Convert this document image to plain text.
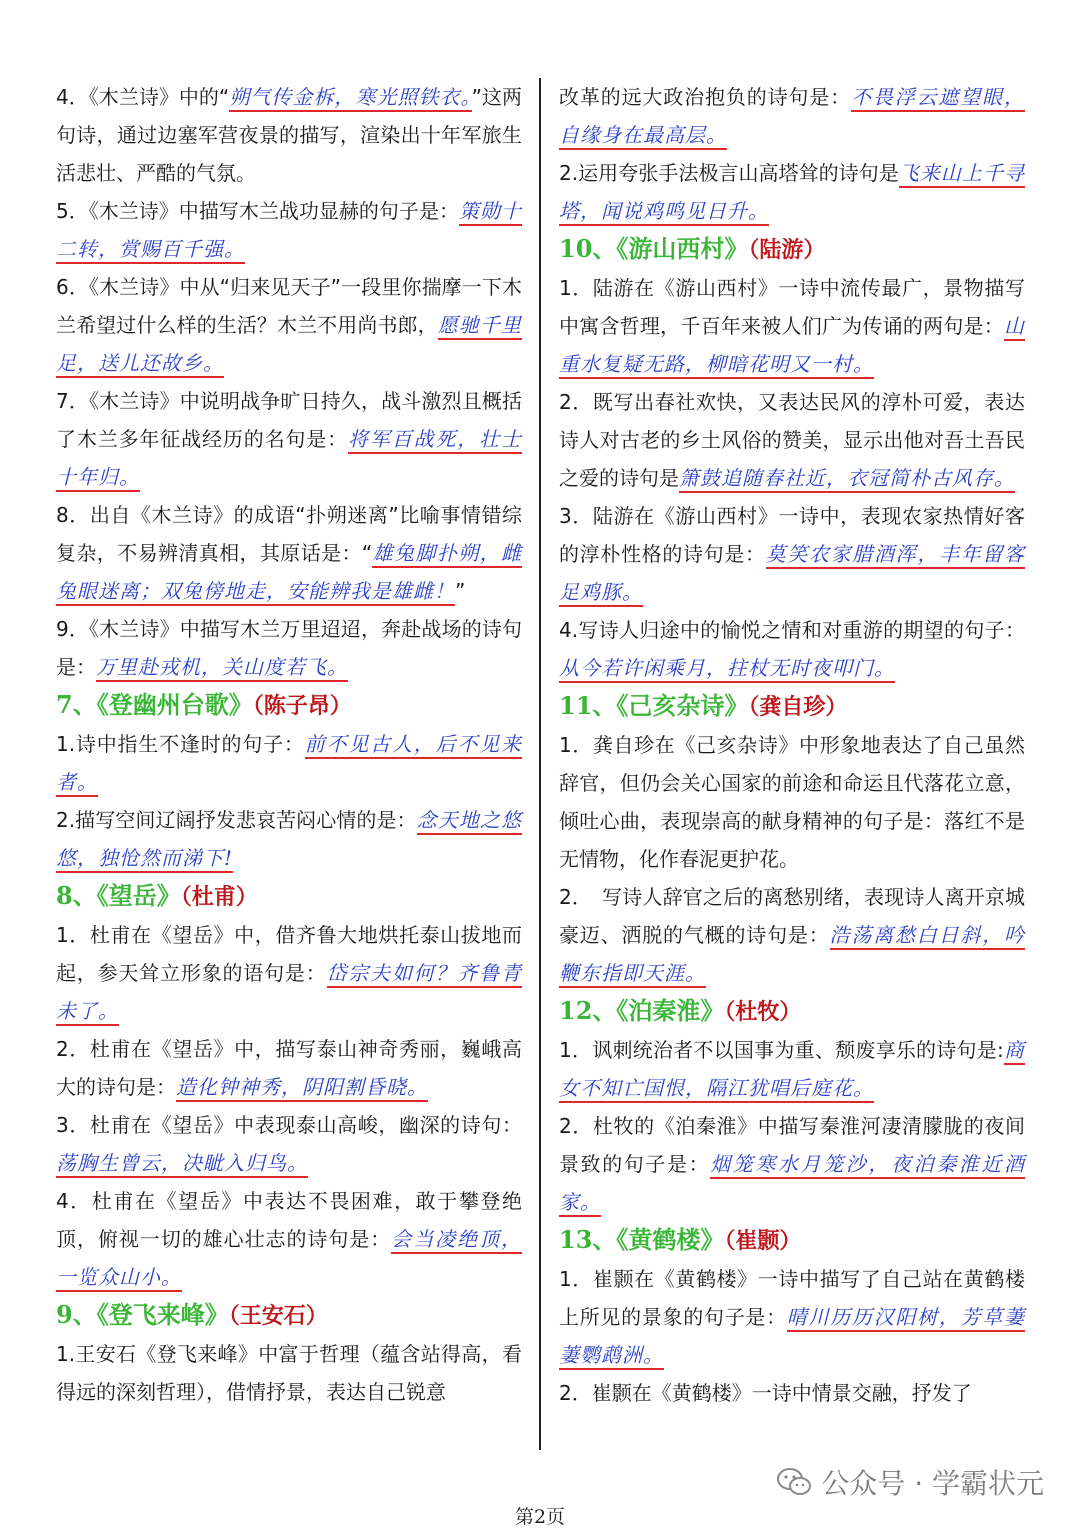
4．《木兰诗》中的“朔气传金柝，寒光照铁衣。”这两句诗，通过边塞军营夜景的描写，渲染出十年军旅生活悲壮、严酷的气氛。

5．《木兰诗》中描写木兰战功显赫的句子是：策勋十二转，赏赐百千强。

6．《木兰诗》中从“归来见天子”一段里你揣摩一下木兰希望过什么样的生活？木兰不用尚书郎，愿驰千里足，送儿还故乡。

7．《木兰诗》中说明战争旷日持久，战斗激烈且概括了木兰多年征战经历的名句是：将军百战死，壮士十年归。

8．出自《木兰诗》的成语“扑朔迷离”比喻事情错综复杂，不易辨清真相，其原话是：“雄兔脚扑朔，雌兔眼迷离；双兔傍地走，安能辨我是雄雌！”

9．《木兰诗》中描写木兰万里迢迢，奔赴战场的诗句是：万里赴戎机，关山度若飞。

7、《登幽州台歌》（陈子昂）

1.诗中指生不逢时的句子：前不见古人，后不见来者。

2.描写空间辽阔抒发悲哀苦闷心情的是：念天地之悠悠，独怆然而涕下!

8、《望岳》（杜甫）

1．杜甫在《望岳》中，借齐鲁大地烘托泰山拔地而起，参天耸立形象的语句是：岱宗夫如何？齐鲁青未了。

2．杜甫在《望岳》中，描写泰山神奇秀丽，巍峨高大的诗句是：造化钟神秀，阴阳割昏晓。

3．杜甫在《望岳》中表现泰山高峻，幽深的诗句：荡胸生曾云，决眦入归鸟。

4．杜甫在《望岳》中表达不畏困难，敢于攀登绝顶，俯视一切的雄心壮志的诗句是：会当凌绝顶，一览众山小。

9、《登飞来峰》（王安石）

1.王安石《登飞来峰》中富于哲理（蕴含站得高，看得远的深刻哲理），借情抒景，表达自己锐意

改革的远大政治抱负的诗句是：不畏浮云遮望眼，自缘身在最高层。

2.运用夸张手法极言山高塔耸的诗句是飞来山上千寻塔，闻说鸡鸣见日升。

10、《游山西村》（陆游）

1．陆游在《游山西村》一诗中流传最广，景物描写中寓含哲理，千百年来被人们广为传诵的两句是：山重水复疑无路，柳暗花明又一村。

2．既写出春社欢快，又表达民风的淳朴可爱，表达诗人对古老的乡土风俗的赞美，显示出他对吾土吾民之爱的诗句是箫鼓追随春社近，衣冠简朴古风存。

3．陆游在《游山西村》一诗中，表现农家热情好客的淳朴性格的诗句是：莫笑农家腊酒浑，丰年留客足鸡豚。

4.写诗人归途中的愉悦之情和对重游的期望的句子：从今若许闲乘月，拄杖无时夜叩门。

11、《己亥杂诗》（龚自珍）

1．龚自珍在《己亥杂诗》中形象地表达了自己虽然辞官，但仍会关心国家的前途和命运且代落花立意，倾吐心曲，表现崇高的献身精神的句子是：落红不是无情物，化作春泥更护花。

2．　写诗人辞官之后的离愁别绪，表现诗人离开京城豪迈、洒脱的气概的诗句是：浩荡离愁白日斜，吟鞭东指即天涯。

12、《泊秦淮》（杜牧）

1．讽刺统治者不以国事为重、颓废享乐的诗句是:商女不知亡国恨，隔江犹唱后庭花。

2．杜牧的《泊秦淮》中描写秦淮河凄清朦胧的夜间景致的句子是：烟笼寒水月笼沙，夜泊秦淮近酒家。

13、《黄鹤楼》（崔颢）

1．崔颢在《黄鹤楼》一诗中描写了自己站在黄鹤楼上所见的景象的句子是：晴川历历汉阳树，芳草萋萋鹦鹉洲。

2．崔颢在《黄鹤楼》一诗中情景交融，抒发了

公众号 · 学霸状元
第2页
